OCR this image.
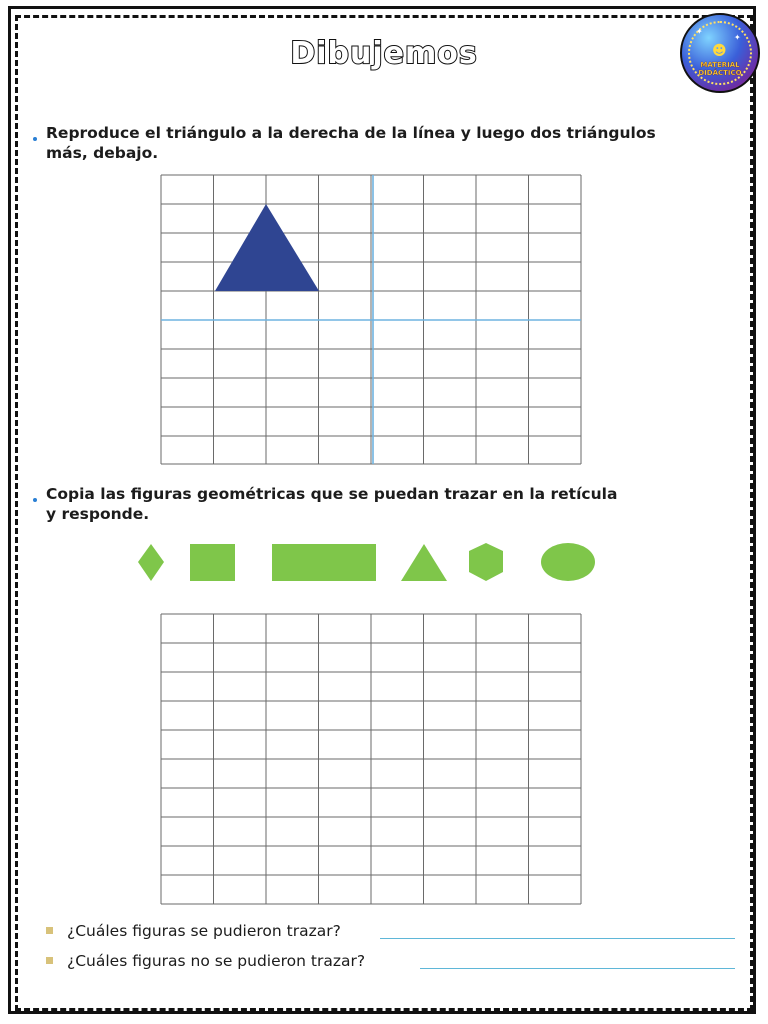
Dibujemos
✦
✦
☻
MATERIAL
DIDÁCTICO
Reproduce el triángulo a la derecha de la línea y luego dos triángulos
más, debajo.
Copia las figuras geométricas que se puedan trazar en la retícula
y responde.
¿Cuáles figuras se pudieron trazar?
¿Cuáles figuras no se pudieron trazar?
